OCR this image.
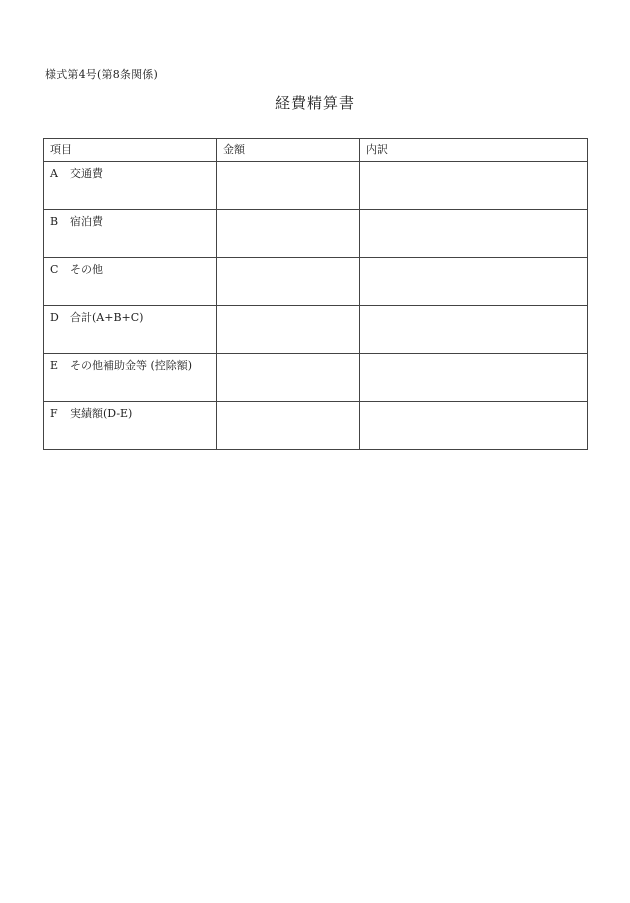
様式第4号(第8条関係)
経費精算書
項目	金額	内訳
A 交通費		
B 宿泊費		
C その他		
D 合計(A+B+C)		
E その他補助金等 (控除額)		
F 実績額(D-E)		
